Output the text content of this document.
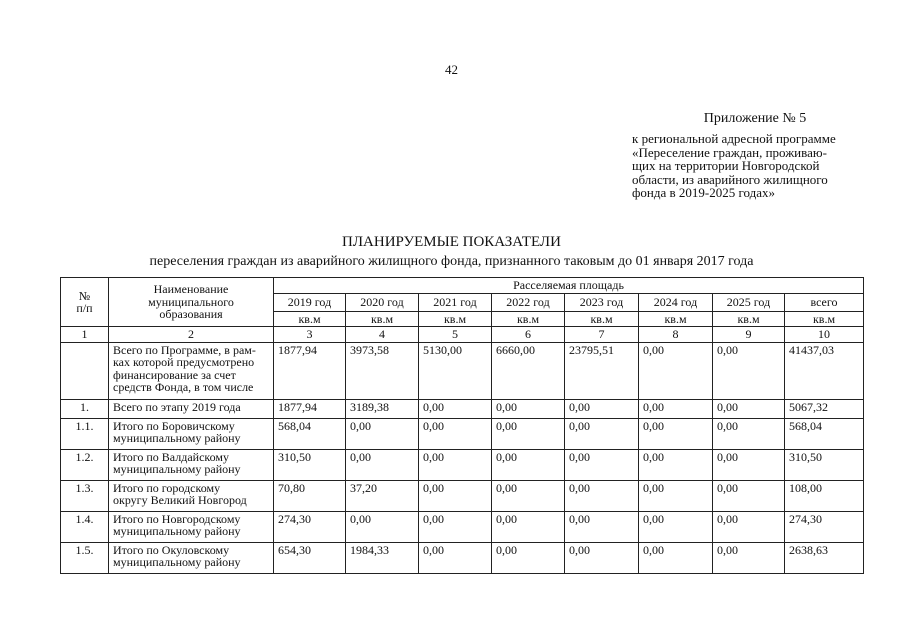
42
Приложение № 5
к региональной адресной программе
«Переселение граждан, проживаю-
щих на территории Новгородской
области, из аварийного жилищного
фонда в 2019-2025 годах»
ПЛАНИРУЕМЫЕ ПОКАЗАТЕЛИ
переселения граждан из аварийного жилищного фонда, признанного таковым до 01 января 2017 года
№
п/п	Наименование
муниципального
образования	Расселяемая площадь							
		2019 год	2020 год	2021 год	2022 год	2023 год	2024 год	2025 год	всего
		кв.м	кв.м	кв.м	кв.м	кв.м	кв.м	кв.м	кв.м
1	2	3	4	5	6	7	8	9	10
	Всего по Программе, в рам-
ках которой предусмотрено
финансирование за счет
средств Фонда, в том числе	1877,94	3973,58	5130,00	6660,00	23795,51	0,00	0,00	41437,03
1.	Всего по этапу 2019 года	1877,94	3189,38	0,00	0,00	0,00	0,00	0,00	5067,32
1.1.	Итого по Боровичскому
муниципальному району	568,04	0,00	0,00	0,00	0,00	0,00	0,00	568,04
1.2.	Итого по Валдайскому
муниципальному району	310,50	0,00	0,00	0,00	0,00	0,00	0,00	310,50
1.3.	Итого по городскому
округу Великий Новгород	70,80	37,20	0,00	0,00	0,00	0,00	0,00	108,00
1.4.	Итого по Новгородскому
муниципальному району	274,30	0,00	0,00	0,00	0,00	0,00	0,00	274,30
1.5.	Итого по Окуловскому
муниципальному району	654,30	1984,33	0,00	0,00	0,00	0,00	0,00	2638,63
